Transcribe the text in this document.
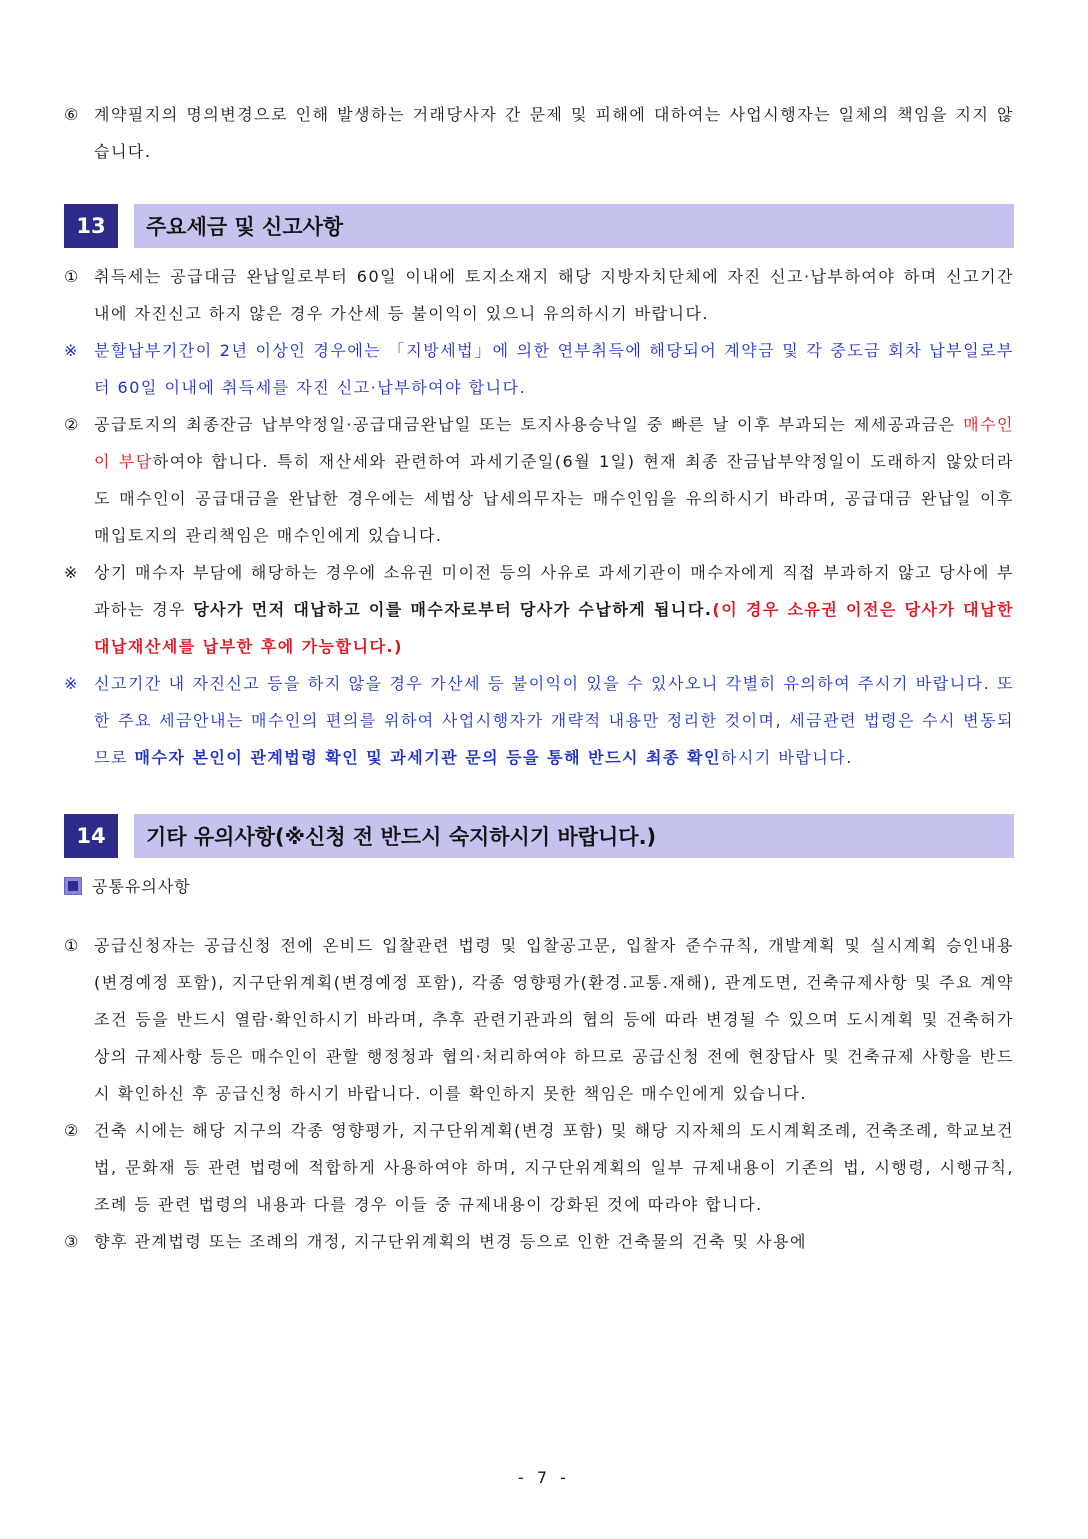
⑥ 계약필지의 명의변경으로 인해 발생하는 거래당사자 간 문제 및 피해에 대하여는 사업시행자는 일체의 책임을 지지 않습니다.
13	주요세금 및 신고사항
① 취득세는 공급대금 완납일로부터 60일 이내에 토지소재지 해당 지방자치단체에 자진 신고·납부하여야 하며 신고기간 내에 자진신고 하지 않은 경우 가산세 등 불이익이 있으니 유의하시기 바랍니다.
※ 분할납부기간이 2년 이상인 경우에는 「지방세법」에 의한 연부취득에 해당되어 계약금 및 각 중도금 회차 납부일로부터 60일 이내에 취득세를 자진 신고·납부하여야 합니다.
② 공급토지의 최종잔금 납부약정일·공급대금완납일 또는 토지사용승낙일 중 빠른 날 이후 부과되는 제세공과금은 매수인이 부담하여야 합니다. 특히 재산세와 관련하여 과세기준일(6월 1일) 현재 최종 잔금납부약정일이 도래하지 않았더라도 매수인이 공급대금을 완납한 경우에는 세법상 납세의무자는 매수인임을 유의하시기 바라며, 공급대금 완납일 이후 매입토지의 관리책임은 매수인에게 있습니다.
※ 상기 매수자 부담에 해당하는 경우에 소유권 미이전 등의 사유로 과세기관이 매수자에게 직접 부과하지 않고 당사에 부과하는 경우 당사가 먼저 대납하고 이를 매수자로부터 당사가 수납하게 됩니다.(이 경우 소유권 이전은 당사가 대납한 대납재산세를 납부한 후에 가능합니다.)
※ 신고기간 내 자진신고 등을 하지 않을 경우 가산세 등 불이익이 있을 수 있사오니 각별히 유의하여 주시기 바랍니다. 또한 주요 세금안내는 매수인의 편의를 위하여 사업시행자가 개략적 내용만 정리한 것이며, 세금관련 법령은 수시 변동되므로 매수자 본인이 관계법령 확인 및 과세기관 문의 등을 통해 반드시 최종 확인하시기 바랍니다.
14	기타 유의사항(※신청 전 반드시 숙지하시기 바랍니다.)
공통유의사항
① 공급신청자는 공급신청 전에 온비드 입찰관련 법령 및 입찰공고문, 입찰자 준수규칙, 개발계획 및 실시계획 승인내용(변경예정 포함), 지구단위계획(변경예정 포함), 각종 영향평가(환경.교통.재해), 관계도면, 건축규제사항 및 주요 계약조건 등을 반드시 열람·확인하시기 바라며, 추후 관련기관과의 협의 등에 따라 변경될 수 있으며 도시계획 및 건축허가 상의 규제사항 등은 매수인이 관할 행정청과 협의·처리하여야 하므로 공급신청 전에 현장답사 및 건축규제 사항을 반드시 확인하신 후 공급신청 하시기 바랍니다. 이를 확인하지 못한 책임은 매수인에게 있습니다.
② 건축 시에는 해당 지구의 각종 영향평가, 지구단위계획(변경 포함) 및 해당 지자체의 도시계획조례, 건축조례, 학교보건법, 문화재 등 관련 법령에 적합하게 사용하여야 하며, 지구단위계획의 일부 규제내용이 기존의 법, 시행령, 시행규칙, 조례 등 관련 법령의 내용과 다를 경우 이들 중 규제내용이 강화된 것에 따라야 합니다.
③ 향후 관계법령 또는 조례의 개정, 지구단위계획의 변경 등으로 인한 건축물의 건축 및 사용에
- 7 -
